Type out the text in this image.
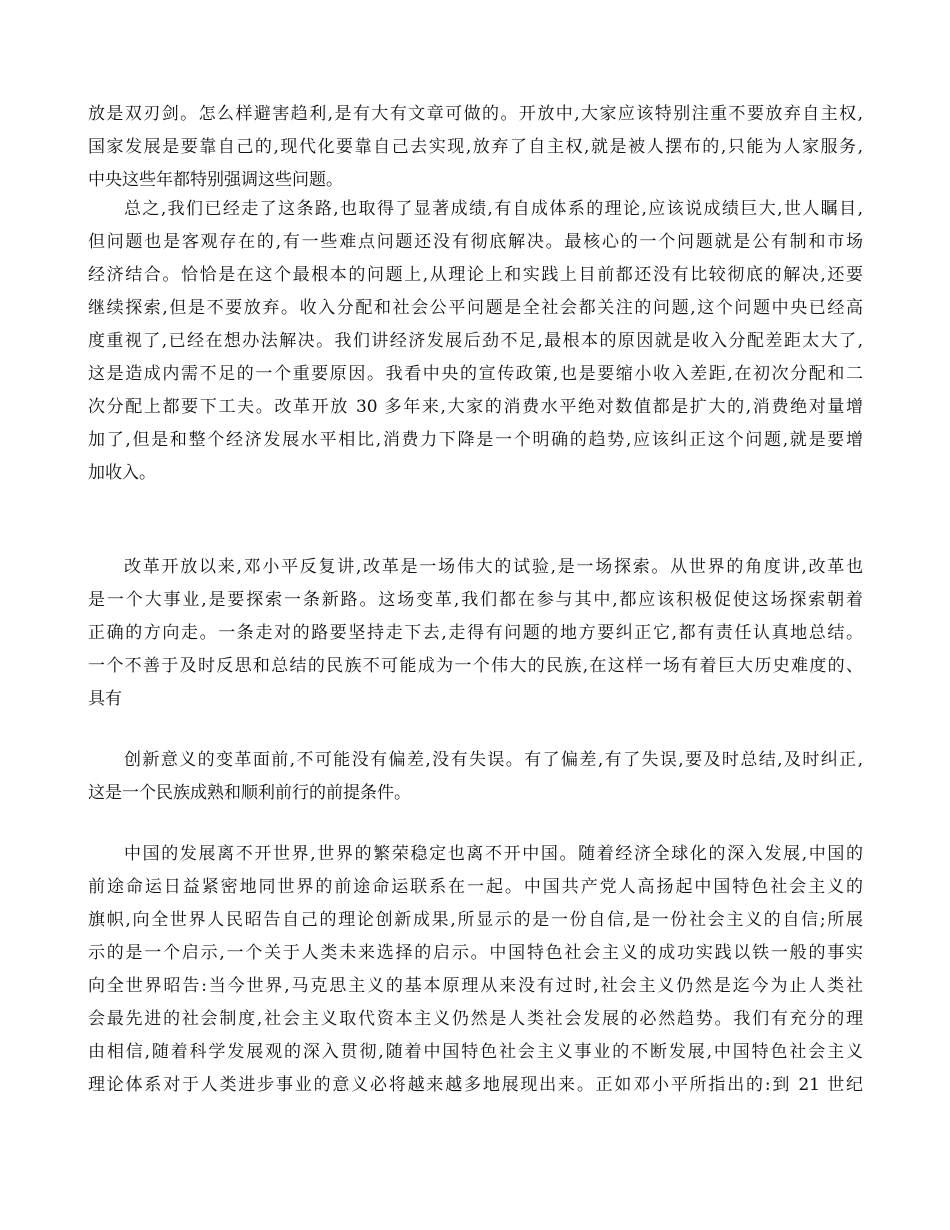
放是双刃剑。怎么样避害趋利,是有大有文章可做的。开放中,大家应该特别注重不要放弃自主权,
国家发展是要靠自己的,现代化要靠自己去实现,放弃了自主权,就是被人摆布的,只能为人家服务,
中央这些年都特别强调这些问题。
总之,我们已经走了这条路,也取得了显著成绩,有自成体系的理论,应该说成绩巨大,世人瞩目,
但问题也是客观存在的,有一些难点问题还没有彻底解决。最核心的一个问题就是公有制和市场
经济结合。恰恰是在这个最根本的问题上,从理论上和实践上目前都还没有比较彻底的解决,还要
继续探索,但是不要放弃。收入分配和社会公平问题是全社会都关注的问题,这个问题中央已经高
度重视了,已经在想办法解决。我们讲经济发展后劲不足,最根本的原因就是收入分配差距太大了,
这是造成内需不足的一个重要原因。我看中央的宣传政策,也是要缩小收入差距,在初次分配和二
次分配上都要下工夫。改革开放 30 多年来,大家的消费水平绝对数值都是扩大的,消费绝对量增
加了,但是和整个经济发展水平相比,消费力下降是一个明确的趋势,应该纠正这个问题,就是要增
加收入。
改革开放以来,邓小平反复讲,改革是一场伟大的试验,是一场探索。从世界的角度讲,改革也
是一个大事业,是要探索一条新路。这场变革,我们都在参与其中,都应该积极促使这场探索朝着
正确的方向走。一条走对的路要坚持走下去,走得有问题的地方要纠正它,都有责任认真地总结。
一个不善于及时反思和总结的民族不可能成为一个伟大的民族,在这样一场有着巨大历史难度的、
具有
创新意义的变革面前,不可能没有偏差,没有失误。有了偏差,有了失误,要及时总结,及时纠正,
这是一个民族成熟和顺利前行的前提条件。
中国的发展离不开世界,世界的繁荣稳定也离不开中国。随着经济全球化的深入发展,中国的
前途命运日益紧密地同世界的前途命运联系在一起。中国共产党人高扬起中国特色社会主义的
旗帜,向全世界人民昭告自己的理论创新成果,所显示的是一份自信,是一份社会主义的自信;所展
示的是一个启示,一个关于人类未来选择的启示。中国特色社会主义的成功实践以铁一般的事实
向全世界昭告:当今世界,马克思主义的基本原理从来没有过时,社会主义仍然是迄今为止人类社
会最先进的社会制度,社会主义取代资本主义仍然是人类社会发展的必然趋势。我们有充分的理
由相信,随着科学发展观的深入贯彻,随着中国特色社会主义事业的不断发展,中国特色社会主义
理论体系对于人类进步事业的意义必将越来越多地展现出来。正如邓小平所指出的:到 21 世纪
